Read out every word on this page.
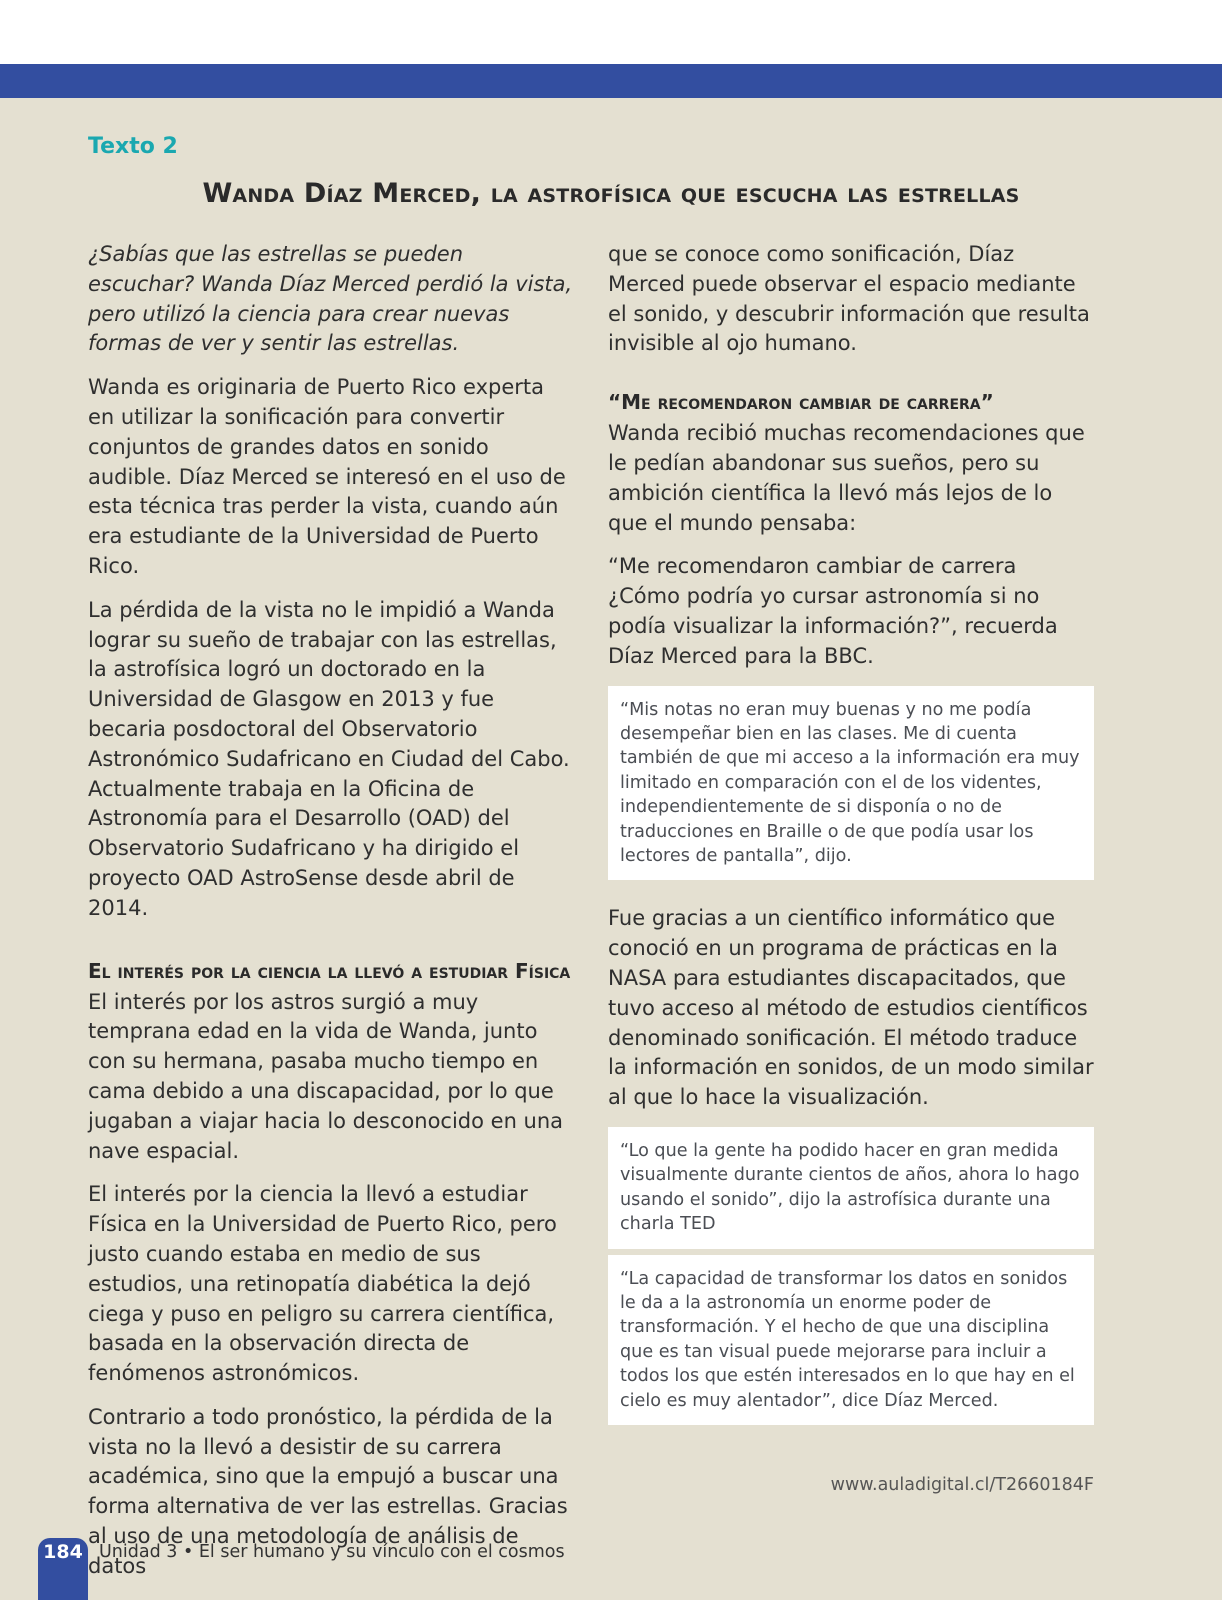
Texto 2
Wanda Díaz Merced, la astrofísica que escucha las estrellas

¿Sabías que las estrellas se pueden escuchar? Wanda Díaz Merced perdió la vista, pero utilizó la ciencia para crear nuevas formas de ver y sentir las estrellas.

Wanda es originaria de Puerto Rico experta en utilizar la sonificación para convertir conjuntos de grandes datos en sonido audible. Díaz Merced se interesó en el uso de esta técnica tras perder la vista, cuando aún era estudiante de la Universidad de Puerto Rico.

La pérdida de la vista no le impidió a Wanda lograr su sueño de trabajar con las estrellas, la astrofísica logró un doctorado en la Universidad de Glasgow en 2013 y fue becaria posdoctoral del Observatorio Astronómico Sudafricano en Ciudad del Cabo. Actualmente trabaja en la Oficina de Astronomía para el Desarrollo (OAD) del Observatorio Sudafricano y ha dirigido el proyecto OAD AstroSense desde abril de 2014.

El interés por la ciencia la llevó a estudiar Física

El interés por los astros surgió a muy temprana edad en la vida de Wanda, junto con su hermana, pasaba mucho tiempo en cama debido a una discapacidad, por lo que jugaban a viajar hacia lo desconocido en una nave espacial.

El interés por la ciencia la llevó a estudiar Física en la Universidad de Puerto Rico, pero justo cuando estaba en medio de sus estudios, una retinopatía diabética la dejó ciega y puso en peligro su carrera científica, basada en la observación directa de fenómenos astronómicos.

Contrario a todo pronóstico, la pérdida de la vista no la llevó a desistir de su carrera académica, sino que la empujó a buscar una forma alternativa de ver las estrellas. Gracias al uso de una metodología de análisis de datos

que se conoce como sonificación, Díaz Merced puede observar el espacio mediante el sonido, y descubrir información que resulta invisible al ojo humano.

“Me recomendaron cambiar de carrera”

Wanda recibió muchas recomendaciones que le pedían abandonar sus sueños, pero su ambición científica la llevó más lejos de lo que el mundo pensaba:

“Me recomendaron cambiar de carrera ¿Cómo podría yo cursar astronomía si no podía visualizar la información?”, recuerda Díaz Merced para la BBC.

“Mis notas no eran muy buenas y no me podía desempeñar bien en las clases. Me di cuenta también de que mi acceso a la información era muy limitado en comparación con el de los videntes, independientemente de si disponía o no de traducciones en Braille o de que podía usar los lectores de pantalla”, dijo.

Fue gracias a un científico informático que conoció en un programa de prácticas en la NASA para estudiantes discapacitados, que tuvo acceso al método de estudios científicos denominado sonificación. El método traduce la información en sonidos, de un modo similar al que lo hace la visualización.

“Lo que la gente ha podido hacer en gran medida visualmente durante cientos de años, ahora lo hago usando el sonido”, dijo la astrofísica durante una charla TED
“La capacidad de transformar los datos en sonidos le da a la astronomía un enorme poder de transformación. Y el hecho de que una disciplina que es tan visual puede mejorarse para incluir a todos los que estén interesados en lo que hay en el cielo es muy alentador”, dice Díaz Merced.
www.auladigital.cl/T2660184F
184 Unidad 3 • El ser humano y su vínculo con el cosmos
